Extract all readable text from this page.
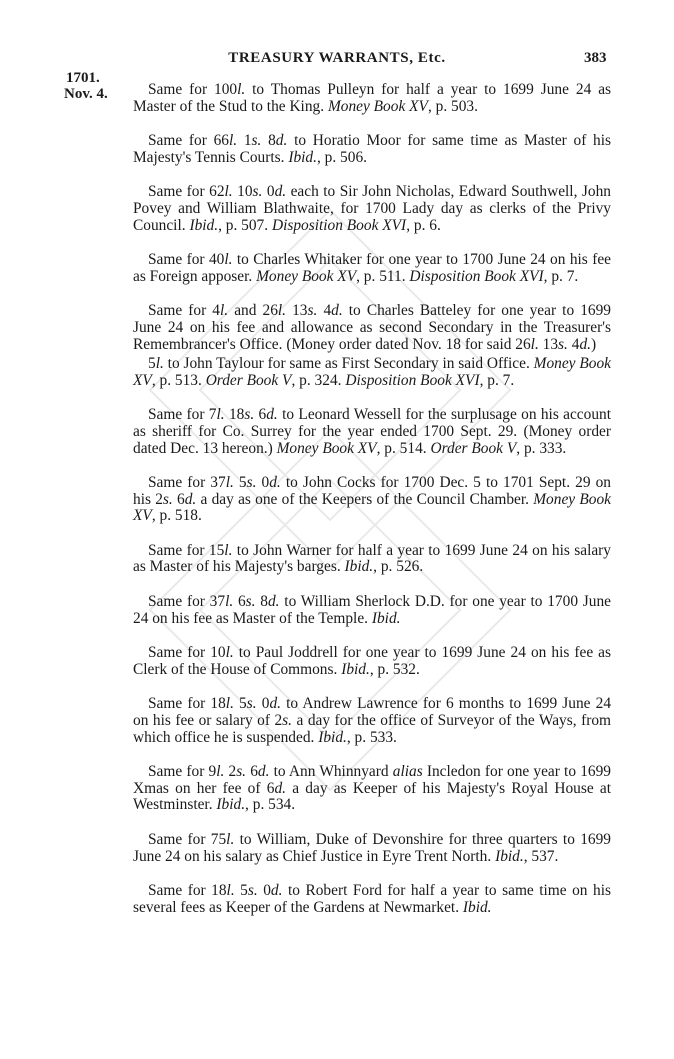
TREASURY WARRANTS, Etc.	383
1701.
Nov. 4.	Same for 100l. to Thomas Pulleyn for half a year to 1699 June 24 as Master of the Stud to the King. Money Book XV, p. 503.

Same for 66l. 1s. 8d. to Horatio Moor for same time as Master of his Majesty's Tennis Courts. Ibid., p. 506.

Same for 62l. 10s. 0d. each to Sir John Nicholas, Edward Southwell, John Povey and William Blathwaite, for 1700 Lady day as clerks of the Privy Council. Ibid., p. 507. Disposition Book XVI, p. 6.

Same for 40l. to Charles Whitaker for one year to 1700 June 24 on his fee as Foreign apposer. Money Book XV, p. 511. Disposition Book XVI, p. 7.

Same for 4l. and 26l. 13s. 4d. to Charles Batteley for one year to 1699 June 24 on his fee and allowance as second Secondary in the Treasurer's Remembrancer's Office. (Money order dated Nov. 18 for said 26l. 13s. 4d.)
5l. to John Taylour for same as First Secondary in said Office. Money Book XV, p. 513. Order Book V, p. 324. Disposition Book XVI, p. 7.

Same for 7l. 18s. 6d. to Leonard Wessell for the surplusage on his account as sheriff for Co. Surrey for the year ended 1700 Sept. 29. (Money order dated Dec. 13 hereon.) Money Book XV, p. 514. Order Book V, p. 333.

Same for 37l. 5s. 0d. to John Cocks for 1700 Dec. 5 to 1701 Sept. 29 on his 2s. 6d. a day as one of the Keepers of the Council Chamber. Money Book XV, p. 518.

Same for 15l. to John Warner for half a year to 1699 June 24 on his salary as Master of his Majesty's barges. Ibid., p. 526.

Same for 37l. 6s. 8d. to William Sherlock D.D. for one year to 1700 June 24 on his fee as Master of the Temple. Ibid.

Same for 10l. to Paul Joddrell for one year to 1699 June 24 on his fee as Clerk of the House of Commons. Ibid., p. 532.

Same for 18l. 5s. 0d. to Andrew Lawrence for 6 months to 1699 June 24 on his fee or salary of 2s. a day for the office of Surveyor of the Ways, from which office he is suspended. Ibid., p. 533.

Same for 9l. 2s. 6d. to Ann Whinnyard alias Incledon for one year to 1699 Xmas on her fee of 6d. a day as Keeper of his Majesty's Royal House at Westminster. Ibid., p. 534.

Same for 75l. to William, Duke of Devonshire for three quarters to 1699 June 24 on his salary as Chief Justice in Eyre Trent North. Ibid., 537.

Same for 18l. 5s. 0d. to Robert Ford for half a year to same time on his several fees as Keeper of the Gardens at Newmarket. Ibid.
